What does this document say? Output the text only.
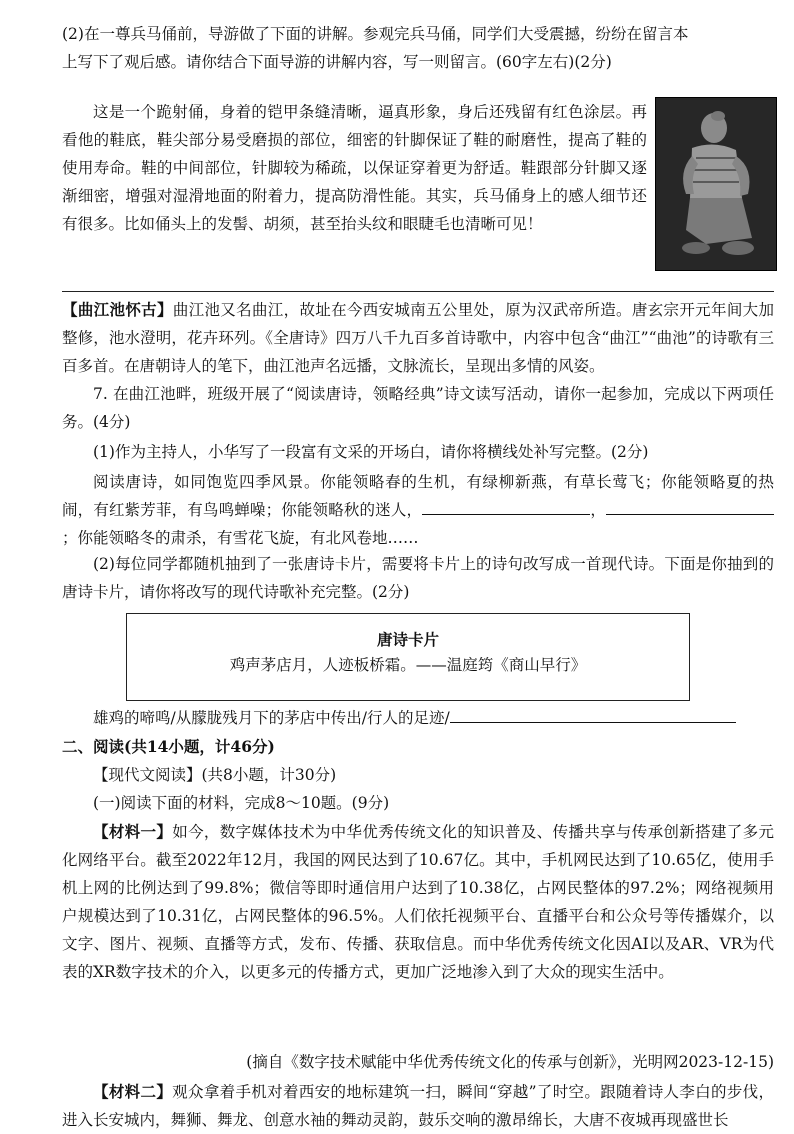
(2)在一尊兵马俑前，导游做了下面的讲解。参观完兵马俑，同学们大受震撼，纷纷在留言本

上写下了观后感。请你结合下面导游的讲解内容，写一则留言。(60字左右)(2分)

这是一个跪射俑，身着的铠甲条缝清晰，逼真形象，身后还残留有红色涂层。再看他的鞋底，鞋尖部分易受磨损的部位，细密的针脚保证了鞋的耐磨性，提高了鞋的使用寿命。鞋的中间部位，针脚较为稀疏，以保证穿着更为舒适。鞋跟部分针脚又逐渐细密，增强对湿滑地面的附着力，提高防滑性能。其实，兵马俑身上的感人细节还有很多。比如俑头上的发髻、胡须，甚至抬头纹和眼睫毛也清晰可见！

【曲江池怀古】曲江池又名曲江，故址在今西安城南五公里处，原为汉武帝所造。唐玄宗开元年间大加整修，池水澄明，花卉环列。《全唐诗》四万八千九百多首诗歌中，内容中包含“曲江”“曲池”的诗歌有三百多首。在唐朝诗人的笔下，曲江池声名远播，文脉流长，呈现出多情的风姿。

7. 在曲江池畔，班级开展了“阅读唐诗，领略经典”诗文读写活动，请你一起参加，完成以下两项任务。(4分)

(1)作为主持人，小华写了一段富有文采的开场白，请你将横线处补写完整。(2分)

阅读唐诗，如同饱览四季风景。你能领略春的生机，有绿柳新燕，有草长莺飞；你能领略夏的热闹，有红紫芳菲，有鸟鸣蝉噪；你能领略秋的迷人，	，；你能领略冬的肃杀，有雪花飞旋，有北风卷地……

(2)每位同学都随机抽到了一张唐诗卡片，需要将卡片上的诗句改写成一首现代诗。下面是你抽到的唐诗卡片，请你将改写的现代诗歌补充完整。(2分)

唐诗卡片
鸡声茅店月，人迹板桥霜。——温庭筠《商山早行》

雄鸡的啼鸣/从朦胧残月下的茅店中传出/行人的足迹/

二、阅读(共14小题，计46分)

【现代文阅读】(共8小题，计30分)

(一)阅读下面的材料，完成8～10题。(9分)

【材料一】如今，数字媒体技术为中华优秀传统文化的知识普及、传播共享与传承创新搭建了多元化网络平台。截至2022年12月，我国的网民达到了10.67亿。其中，手机网民达到了10.65亿，使用手机上网的比例达到了99.8%；微信等即时通信用户达到了10.38亿，占网民整体的97.2%；网络视频用户规模达到了10.31亿，占网民整体的96.5%。人们依托视频平台、直播平台和公众号等传播媒介，以文字、图片、视频、直播等方式，发布、传播、获取信息。而中华优秀传统文化因AI以及AR、VR为代表的XR数字技术的介入，以更多元的传播方式，更加广泛地渗入到了大众的现实生活中。

(摘自《数字技术赋能中华优秀传统文化的传承与创新》，光明网2023-12-15)

【材料二】观众拿着手机对着西安的地标建筑一扫，瞬间“穿越”了时空。跟随着诗人李白的步伐，进入长安城内，舞狮、舞龙、创意水袖的舞动灵韵，鼓乐交响的激昂绵长，大唐不夜城再现盛世长
